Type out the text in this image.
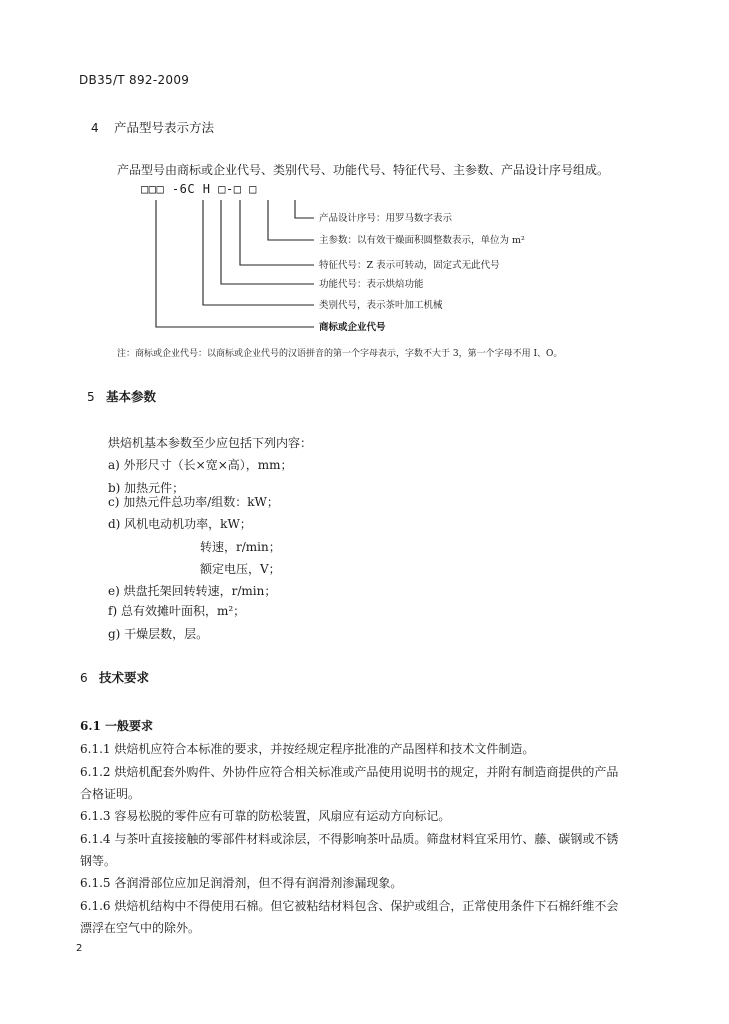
DB35/T 892-2009
4 产品型号表示方法
产品型号由商标或企业代号、类别代号、功能代号、特征代号、主参数、产品设计序号组成。
□□□ -6C H □-□ □
产品设计序号：用罗马数字表示
主参数：以有效干燥面积圆整数表示，单位为 m²
特征代号：Z 表示可转动，固定式无此代号
功能代号：表示烘焙功能
类别代号，表示茶叶加工机械
商标或企业代号
注：商标或企业代号：以商标或企业代号的汉语拼音的第一个字母表示，字数不大于 3，第一个字母不用 I、O。
5 基本参数
烘焙机基本参数至少应包括下列内容：
a) 外形尺寸（长×宽×高），mm；
b) 加热元件；
c) 加热元件总功率/组数：kW；
d) 风机电动机功率，kW；
转速，r/min；
额定电压，V；
e) 烘盘托架回转转速，r/min；
f) 总有效摊叶面积，m²；
g) 干燥层数，层。
6 技术要求
6.1 一般要求
6.1.1 烘焙机应符合本标准的要求，并按经规定程序批准的产品图样和技术文件制造。
6.1.2 烘焙机配套外购件、外协件应符合相关标准或产品使用说明书的规定，并附有制造商提供的产品
合格证明。
6.1.3 容易松脱的零件应有可靠的防松装置，风扇应有运动方向标记。
6.1.4 与茶叶直接接触的零部件材料或涂层，不得影响茶叶品质。筛盘材料宜采用竹、藤、碳钢或不锈
钢等。
6.1.5 各润滑部位应加足润滑剂，但不得有润滑剂渗漏现象。
6.1.6 烘焙机结构中不得使用石棉。但它被粘结材料包含、保护或组合，正常使用条件下石棉纤维不会
漂浮在空气中的除外。
2
